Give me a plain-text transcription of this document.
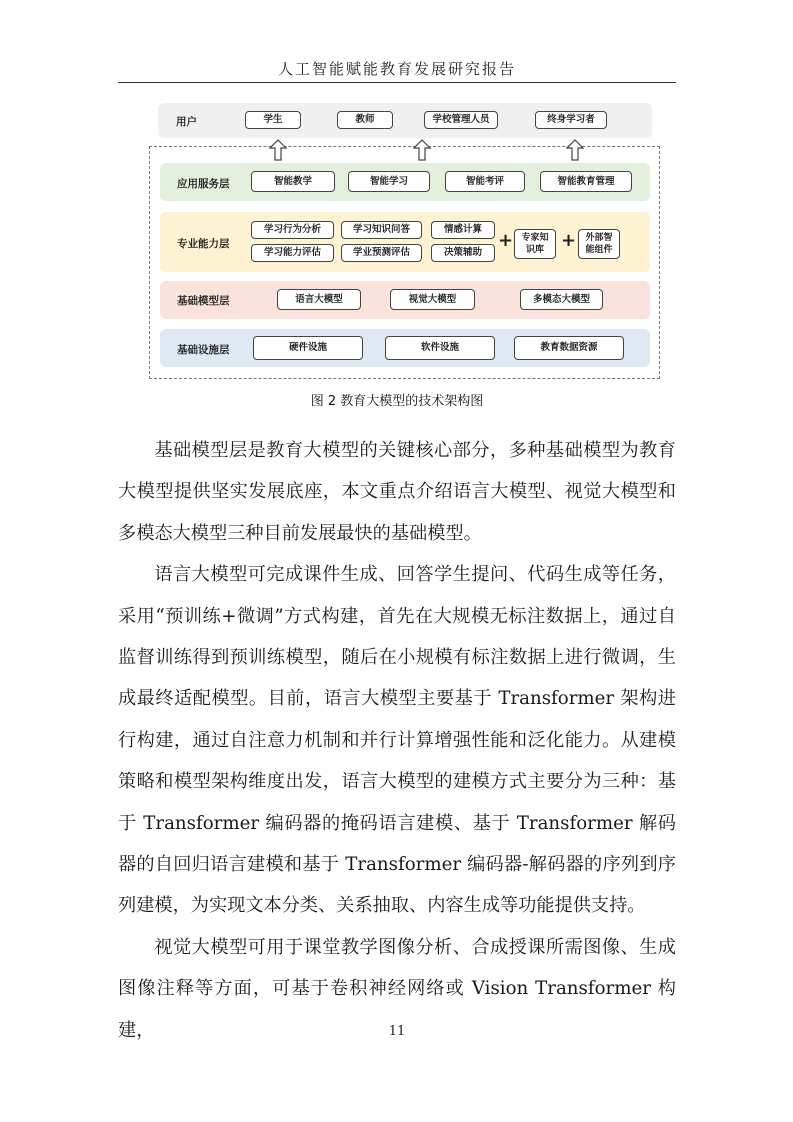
人工智能赋能教育发展研究报告
用户	学生	教师	学校管理人员	终身学习者
应用服务层	智能教学	智能学习	智能考评	智能教育管理
专业能力层
学习行为分析	学习知识问答	情感计算
学习能力评估	学业预测评估	决策辅助
+ 专家知识库 +	外部智能组件
基础模型层	语言大模型	视觉大模型	多模态大模型
基础设施层	硬件设施	软件设施	教育数据资源
图 2 教育大模型的技术架构图

基础模型层是教育大模型的关键核心部分，多种基础模型为教育大模型提供坚实发展底座，本文重点介绍语言大模型、视觉大模型和多模态大模型三种目前发展最快的基础模型。

语言大模型可完成课件生成、回答学生提问、代码生成等任务，采用“预训练+微调”方式构建，首先在大规模无标注数据上，通过自监督训练得到预训练模型，随后在小规模有标注数据上进行微调，生成最终适配模型。目前，语言大模型主要基于 Transformer 架构进行构建，通过自注意力机制和并行计算增强性能和泛化能力。从建模策略和模型架构维度出发，语言大模型的建模方式主要分为三种：基于 Transformer 编码器的掩码语言建模、基于 Transformer 解码器的自回归语言建模和基于 Transformer 编码器-解码器的序列到序列建模，为实现文本分类、关系抽取、内容生成等功能提供支持。

视觉大模型可用于课堂教学图像分析、合成授课所需图像、生成图像注释等方面，可基于卷积神经网络或 Vision Transformer 构建，	11
